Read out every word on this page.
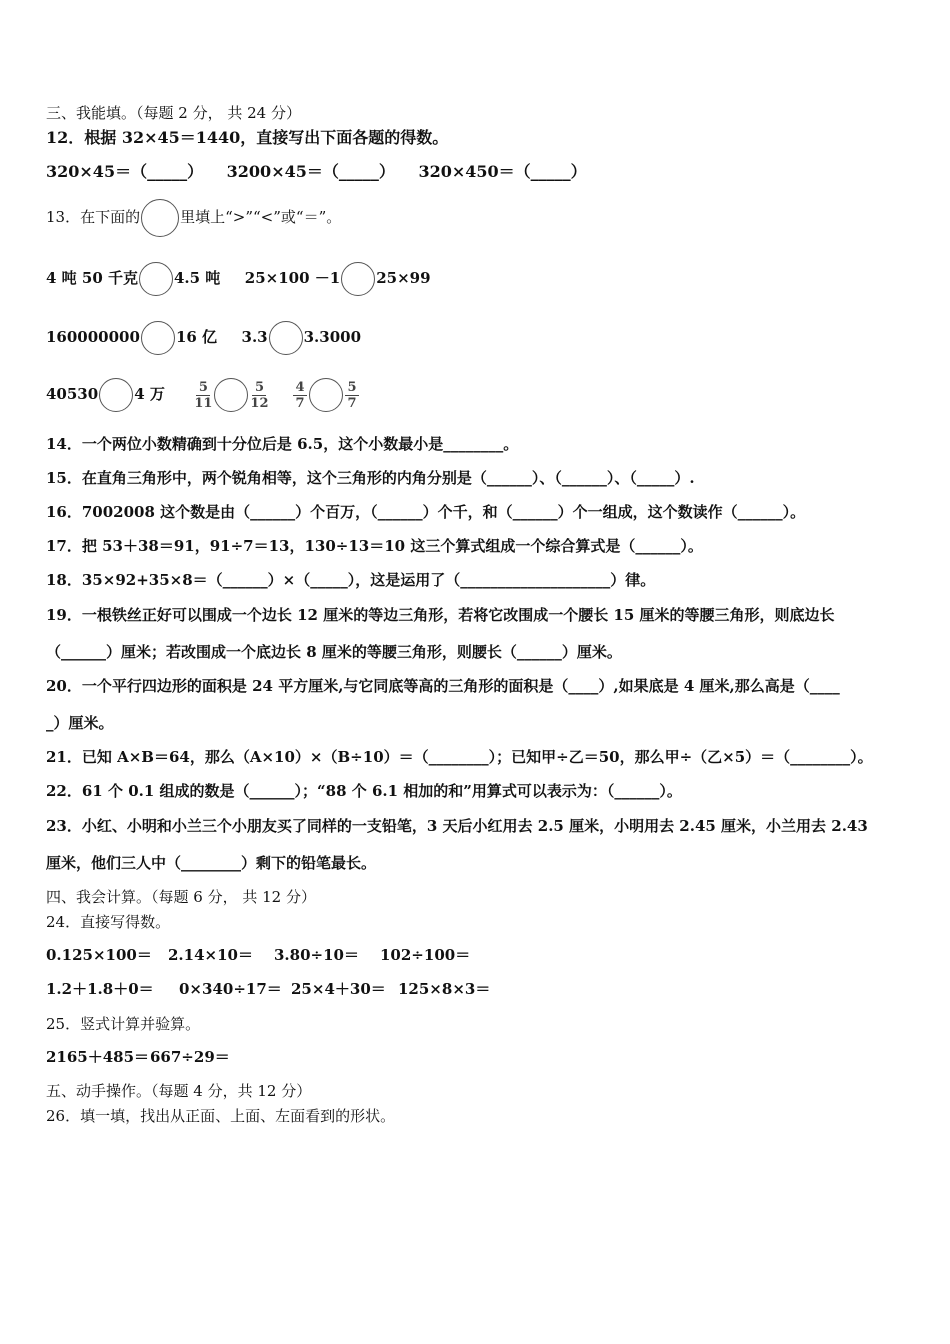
三、我能填。（每题 2 分， 共 24 分）
12．根据 32×45＝1440，直接写出下面各题的得数。
320×45＝（_____） 3200×45＝（_____） 320×450＝（_____）
13．在下面的	里填上“>”“<”或“＝”。
4 吨 50 千克 4.5 吨 25×100 －1 25×99
160000000 16 亿 3.3 3.3000
40530 4 万 $\frac{5}{11}$	$\frac{5}{12}$
$\frac{4}{7}$	$\frac{5}{7}$
14．一个两位小数精确到十分位后是 6.5，这个小数最小是________。
15．在直角三角形中，两个锐角相等，这个三角形的内角分别是（______）、（______）、（_____）.
16．7002008 这个数是由（______）个百万，（______）个千，和（______）个一组成，这个数读作（______）。
17．把 53＋38＝91，91÷7＝13，130÷13＝10 这三个算式组成一个综合算式是（______）。
18．35×92+35×8＝（______）×（_____），这是运用了（____________________）律。
19．一根铁丝正好可以围成一个边长 12 厘米的等边三角形，若将它改围成一个腰长 15 厘米的等腰三角形，则底边长
（______）厘米；若改围成一个底边长 8 厘米的等腰三角形，则腰长（______）厘米。
20．一个平行四边形的面积是 24 平方厘米,与它同底等高的三角形的面积是（____）,如果底是 4 厘米,那么高是（____
_）厘米。
21．已知 A×B＝64，那么（A×10）×（B÷10）＝（________）；已知甲÷乙＝50，那么甲÷（乙×5）＝（________）。
22．61 个 0.1 组成的数是（______）；“88 个 6.1 相加的和”用算式可以表示为：（______）。
23．小红、小明和小兰三个小朋友买了同样的一支铅笔，3 天后小红用去 2.5 厘米，小明用去 2.45 厘米，小兰用去 2.43
厘米，他们三人中（________）剩下的铅笔最长。
四、我会计算。（每题 6 分， 共 12 分）
24．直接写得数。
0.125×100＝ 2.14×10＝ 3.80÷10＝ 102÷100＝
1.2＋1.8＋0＝ 0×340÷17＝ 25×4＋30＝ 125×8×3＝
25．竖式计算并验算。
2165＋485＝667÷29＝
五、动手操作。（每题 4 分，共 12 分）
26．填一填，找出从正面、上面、左面看到的形状。
